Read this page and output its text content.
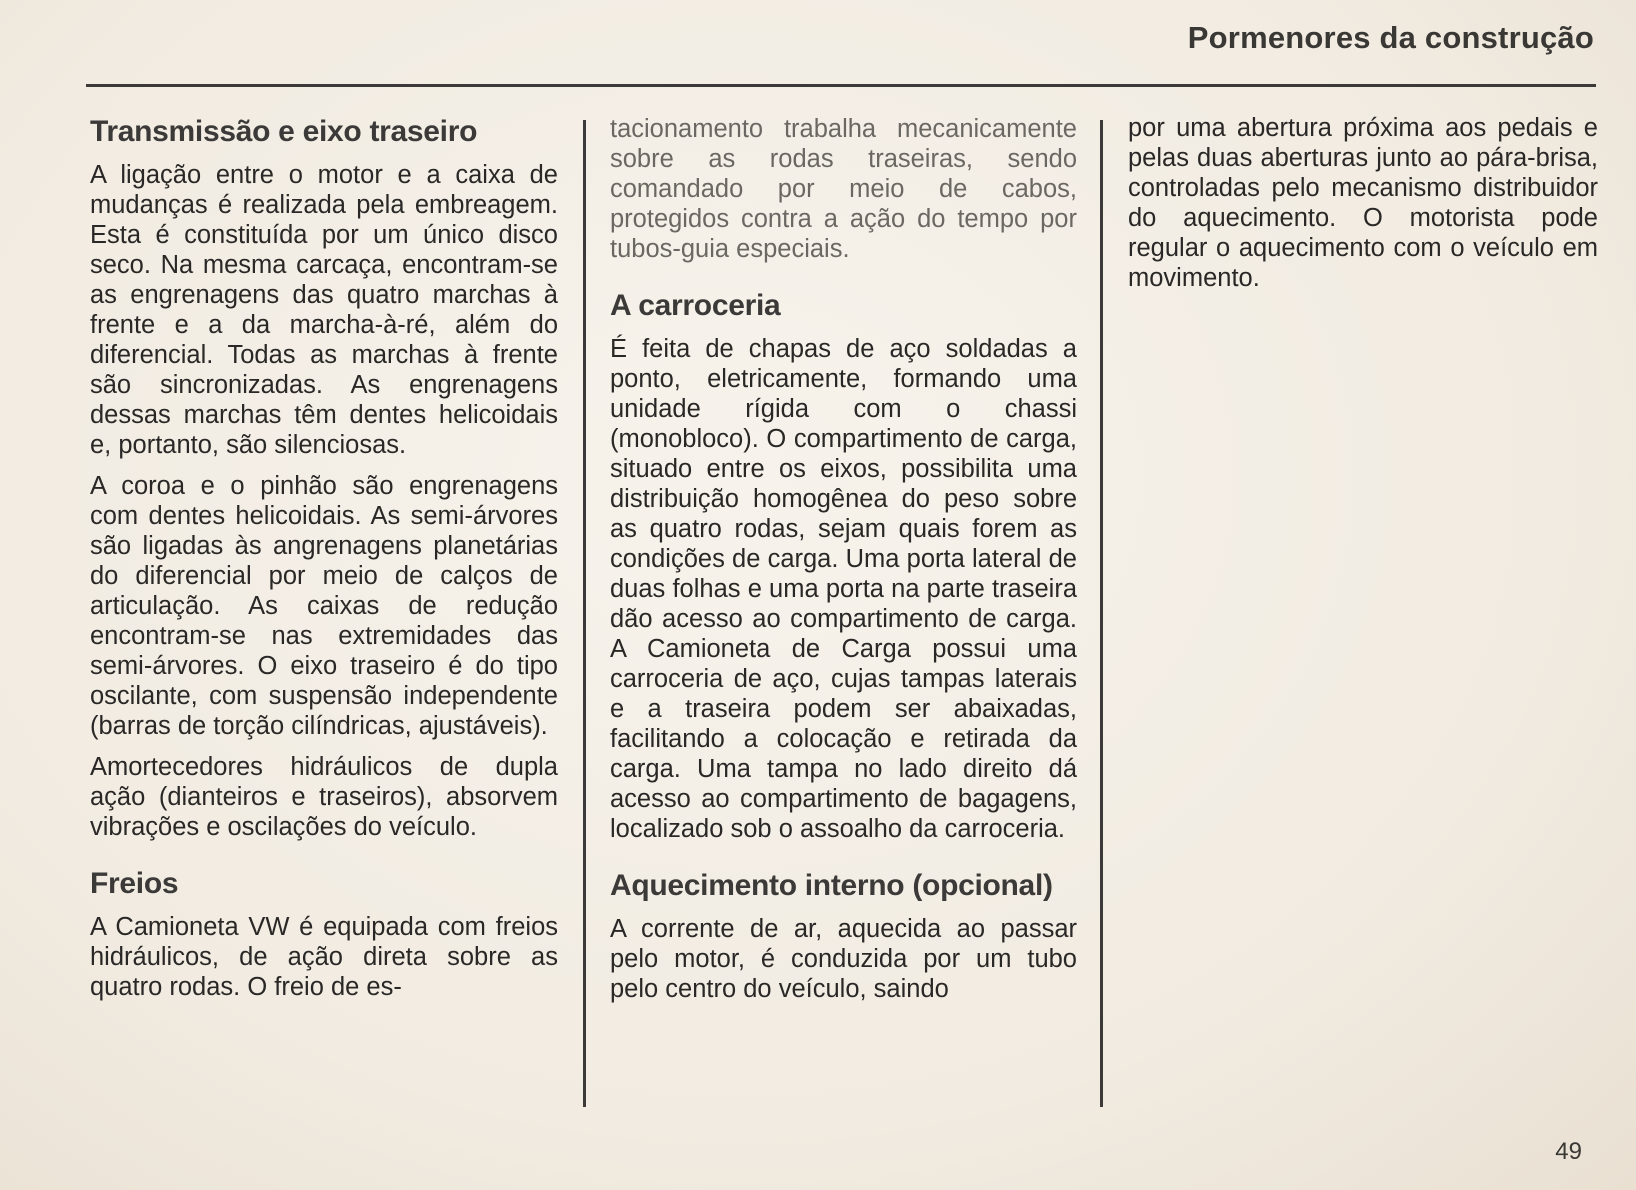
Pormenores da construção
Transmissão e eixo traseiro

A ligação entre o motor e a caixa de mudanças é realizada pela embreagem. Esta é constituída por um único disco seco. Na mesma carcaça, encontram-se as engrenagens das quatro marchas à frente e a da marcha-à-ré, além do diferencial. Todas as marchas à frente são sincronizadas. As engrenagens dessas marchas têm dentes helicoidais e, portanto, são silenciosas.

A coroa e o pinhão são engrenagens com dentes helicoidais. As semi-árvores são ligadas às angrenagens planetárias do diferencial por meio de calços de articulação. As caixas de redução encontram-se nas extremidades das semi-árvores. O eixo traseiro é do tipo oscilante, com suspensão independente (barras de torção cilíndricas, ajustáveis).

Amortecedores hidráulicos de dupla ação (dianteiros e traseiros), absorvem vibrações e oscilações do veículo.

Freios

A Camioneta VW é equipada com freios hidráulicos, de ação direta sobre as quatro rodas. O freio de es-

tacionamento trabalha mecanicamente sobre as rodas traseiras, sendo comandado por meio de cabos, protegidos contra a ação do tempo por tubos-guia especiais.

A carroceria

É feita de chapas de aço soldadas a ponto, eletricamente, formando uma unidade rígida com o chassi (monobloco). O compartimento de carga, situado entre os eixos, possibilita uma distribuição homogênea do peso sobre as quatro rodas, sejam quais forem as condições de carga. Uma porta lateral de duas folhas e uma porta na parte traseira dão acesso ao compartimento de carga. A Camioneta de Carga possui uma carroceria de aço, cujas tampas laterais e a traseira podem ser abaixadas, facilitando a colocação e retirada da carga. Uma tampa no lado direito dá acesso ao compartimento de bagagens, localizado sob o assoalho da carroceria.

Aquecimento interno (opcional)

A corrente de ar, aquecida ao passar pelo motor, é conduzida por um tubo pelo centro do veículo, saindo

por uma abertura próxima aos pedais e pelas duas aberturas junto ao pára-brisa, controladas pelo mecanismo distribuidor do aquecimento. O motorista pode regular o aquecimento com o veículo em movimento.

49
